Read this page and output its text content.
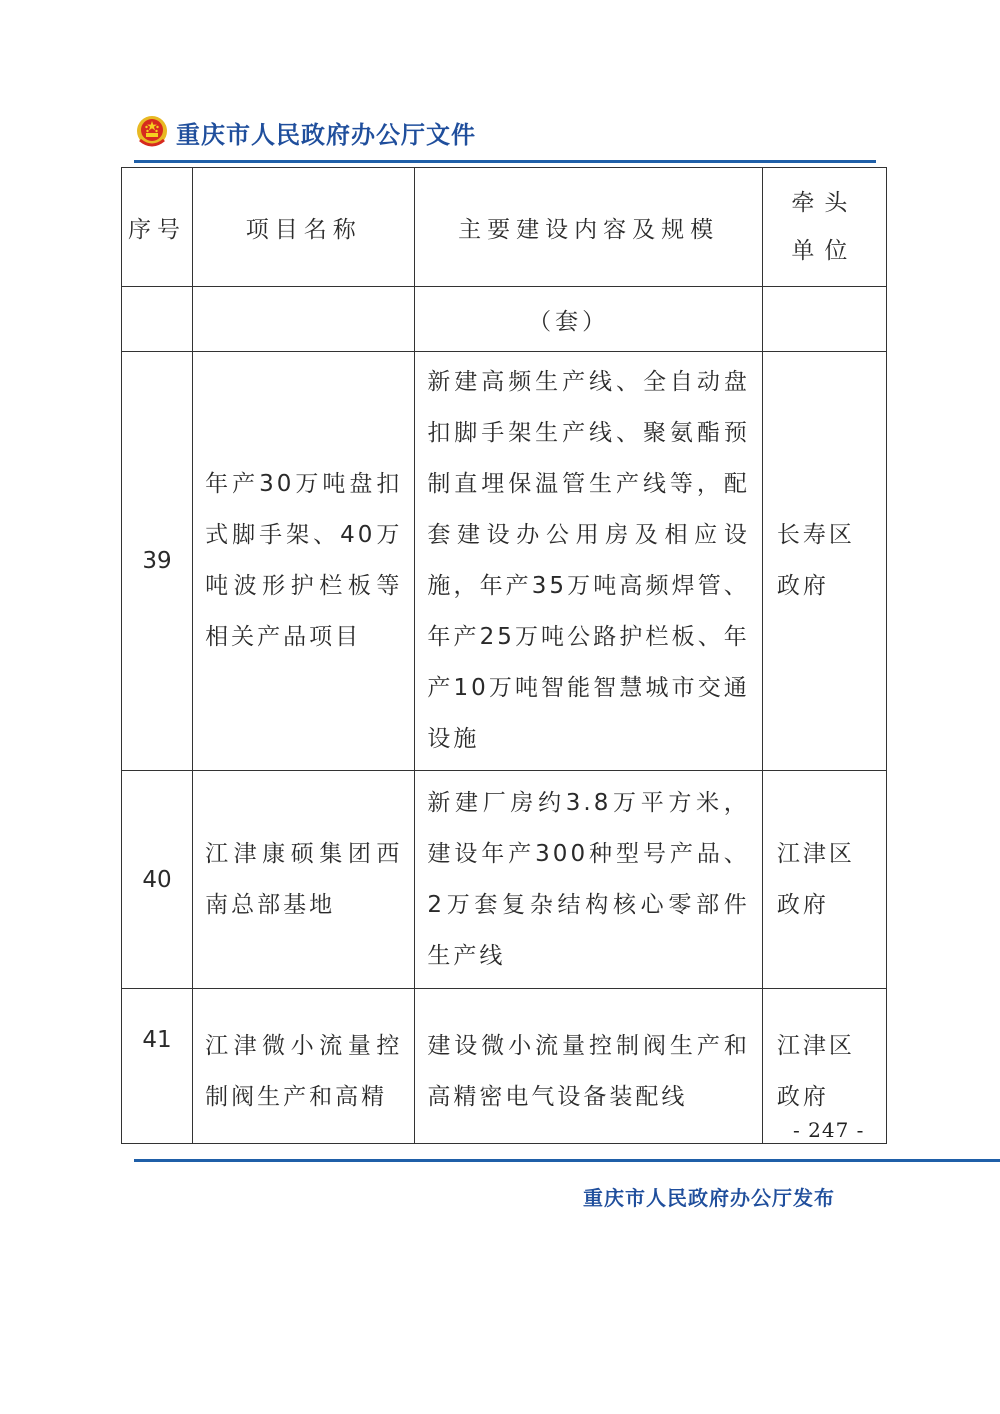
重庆市人民政府办公厅文件
序号	项目名称	主要建设内容及规模	牵头单位
		（套）	
39	年产30万吨盘扣式脚手架、40万吨波形护栏板等相关产品项目	新建高频生产线、全自动盘扣脚手架生产线、聚氨酯预制直埋保温管生产线等，配套建设办公用房及相应设施，年产35万吨高频焊管、年产25万吨公路护栏板、年产10万吨智能智慧城市交通设施	长寿区政府

40	江津康硕集团西南总部基地	新建厂房约3.8万平方米，建设年产300种型号产品、2万套复杂结构核心零部件生产线	江津区政府

41	江津微小流量控制阀生产和高精	建设微小流量控制阀生产和高精密电气设备装配线	江津区政府
- 247 -
重庆市人民政府办公厅发布
